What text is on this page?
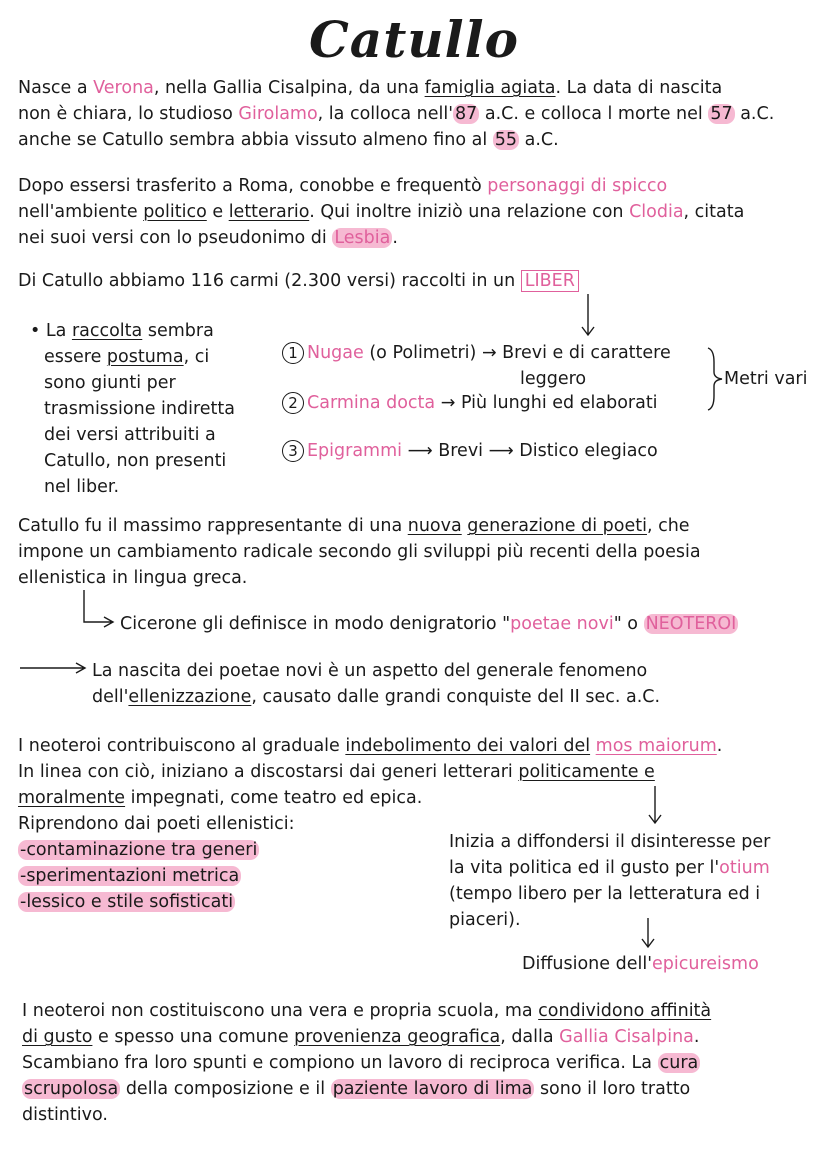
Catullo
Nasce a Verona, nella Gallia Cisalpina, da una famiglia agiata. La data di nascita
non è chiara, lo studioso Girolamo, la colloca nell' 87 a.C. e colloca l morte nel 57 a.C.
anche se Catullo sembra abbia vissuto almeno fino al 55 a.C.
Dopo essersi trasferito a Roma, conobbe e frequentò personaggi di spicco
nell'ambiente politico e letterario. Qui inoltre iniziò una relazione con Clodia, citata
nei suoi versi con lo pseudonimo di Lesbia .
Di Catullo abbiamo 116 carmi (2.300 versi) raccolti in un LIBER
• La raccolta sembra
essere postuma, ci
sono giunti per
trasmissione indiretta
dei versi attribuiti a
Catullo, non presenti
nel liber.
1 Nugae (o Polimetri) → Brevi e di carattere
leggero
2 Carmina docta → Più lunghi ed elaborati
3 Epigrammi ⟶ Brevi ⟶ Distico elegiaco
Metri vari
Catullo fu il massimo rappresentante di una nuova generazione di poeti, che
impone un cambiamento radicale secondo gli sviluppi più recenti della poesia
ellenistica in lingua greca.
Cicerone gli definisce in modo denigratorio "poetae novi" o NEOTEROI
La nascita dei poetae novi è un aspetto del generale fenomeno
dell'ellenizzazione, causato dalle grandi conquiste del II sec. a.C.
I neoteroi contribuiscono al graduale indebolimento dei valori del mos maiorum.
In linea con ciò, iniziano a discostarsi dai generi letterari politicamente e
moralmente impegnati, come teatro ed epica.
Riprendono dai poeti ellenistici:
-contaminazione tra generi
-sperimentazioni metrica
-lessico e stile sofisticati
Inizia a diffondersi il disinteresse per
la vita politica ed il gusto per l'otium
(tempo libero per la letteratura ed i
piaceri).
Diffusione dell'epicureismo
I neoteroi non costituiscono una vera e propria scuola, ma condividono affinità
di gusto e spesso una comune provenienza geografica, dalla Gallia Cisalpina.
Scambiano fra loro spunti e compiono un lavoro di reciproca verifica. La cura
scrupolosa della composizione e il paziente lavoro di lima sono il loro tratto
distintivo.
